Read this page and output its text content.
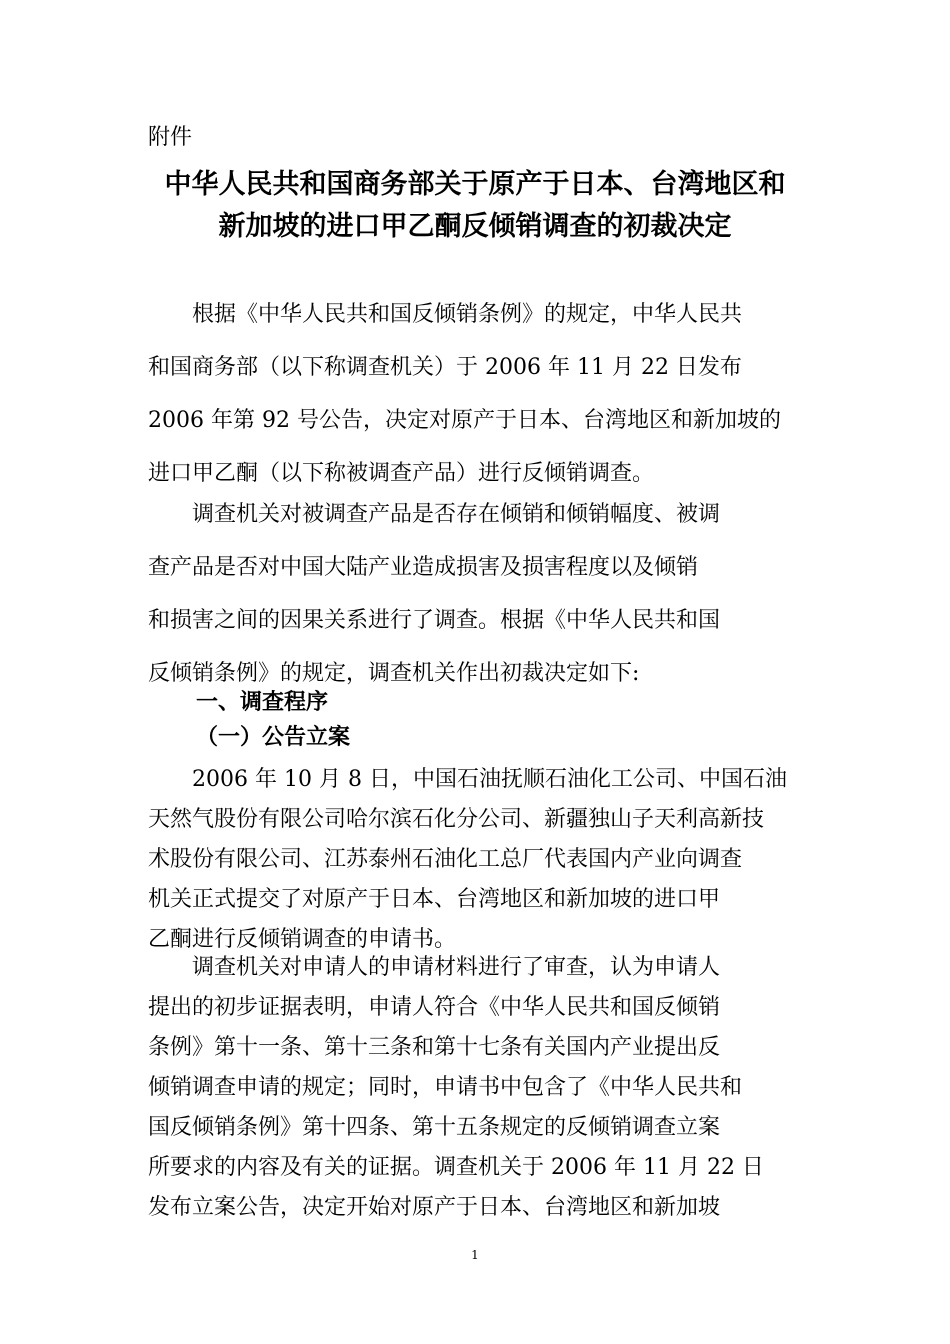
附件
中华人民共和国商务部关于原产于日本、台湾地区和
新加坡的进口甲乙酮反倾销调查的初裁决定
　　根据《中华人民共和国反倾销条例》的规定，中华人民共
和国商务部（以下称调查机关）于 2006 年 11 月 22 日发布
2006 年第 92 号公告，决定对原产于日本、台湾地区和新加坡的
进口甲乙酮（以下称被调查产品）进行反倾销调查。
　　调查机关对被调查产品是否存在倾销和倾销幅度、被调
查产品是否对中国大陆产业造成损害及损害程度以及倾销
和损害之间的因果关系进行了调查。根据《中华人民共和国
反倾销条例》的规定，调查机关作出初裁决定如下:
一、调查程序
（一）公告立案
　　2006 年 10 月 8 日，中国石油抚顺石油化工公司、中国石油
天然气股份有限公司哈尔滨石化分公司、新疆独山子天利高新技
术股份有限公司、江苏泰州石油化工总厂代表国内产业向调查
机关正式提交了对原产于日本、台湾地区和新加坡的进口甲
乙酮进行反倾销调查的申请书。
　　调查机关对申请人的申请材料进行了审查，认为申请人
提出的初步证据表明，申请人符合《中华人民共和国反倾销
条例》第十一条、第十三条和第十七条有关国内产业提出反
倾销调查申请的规定；同时，申请书中包含了《中华人民共和
国反倾销条例》第十四条、第十五条规定的反倾销调查立案
所要求的内容及有关的证据。调查机关于 2006 年 11 月 22 日
发布立案公告，决定开始对原产于日本、台湾地区和新加坡
1
